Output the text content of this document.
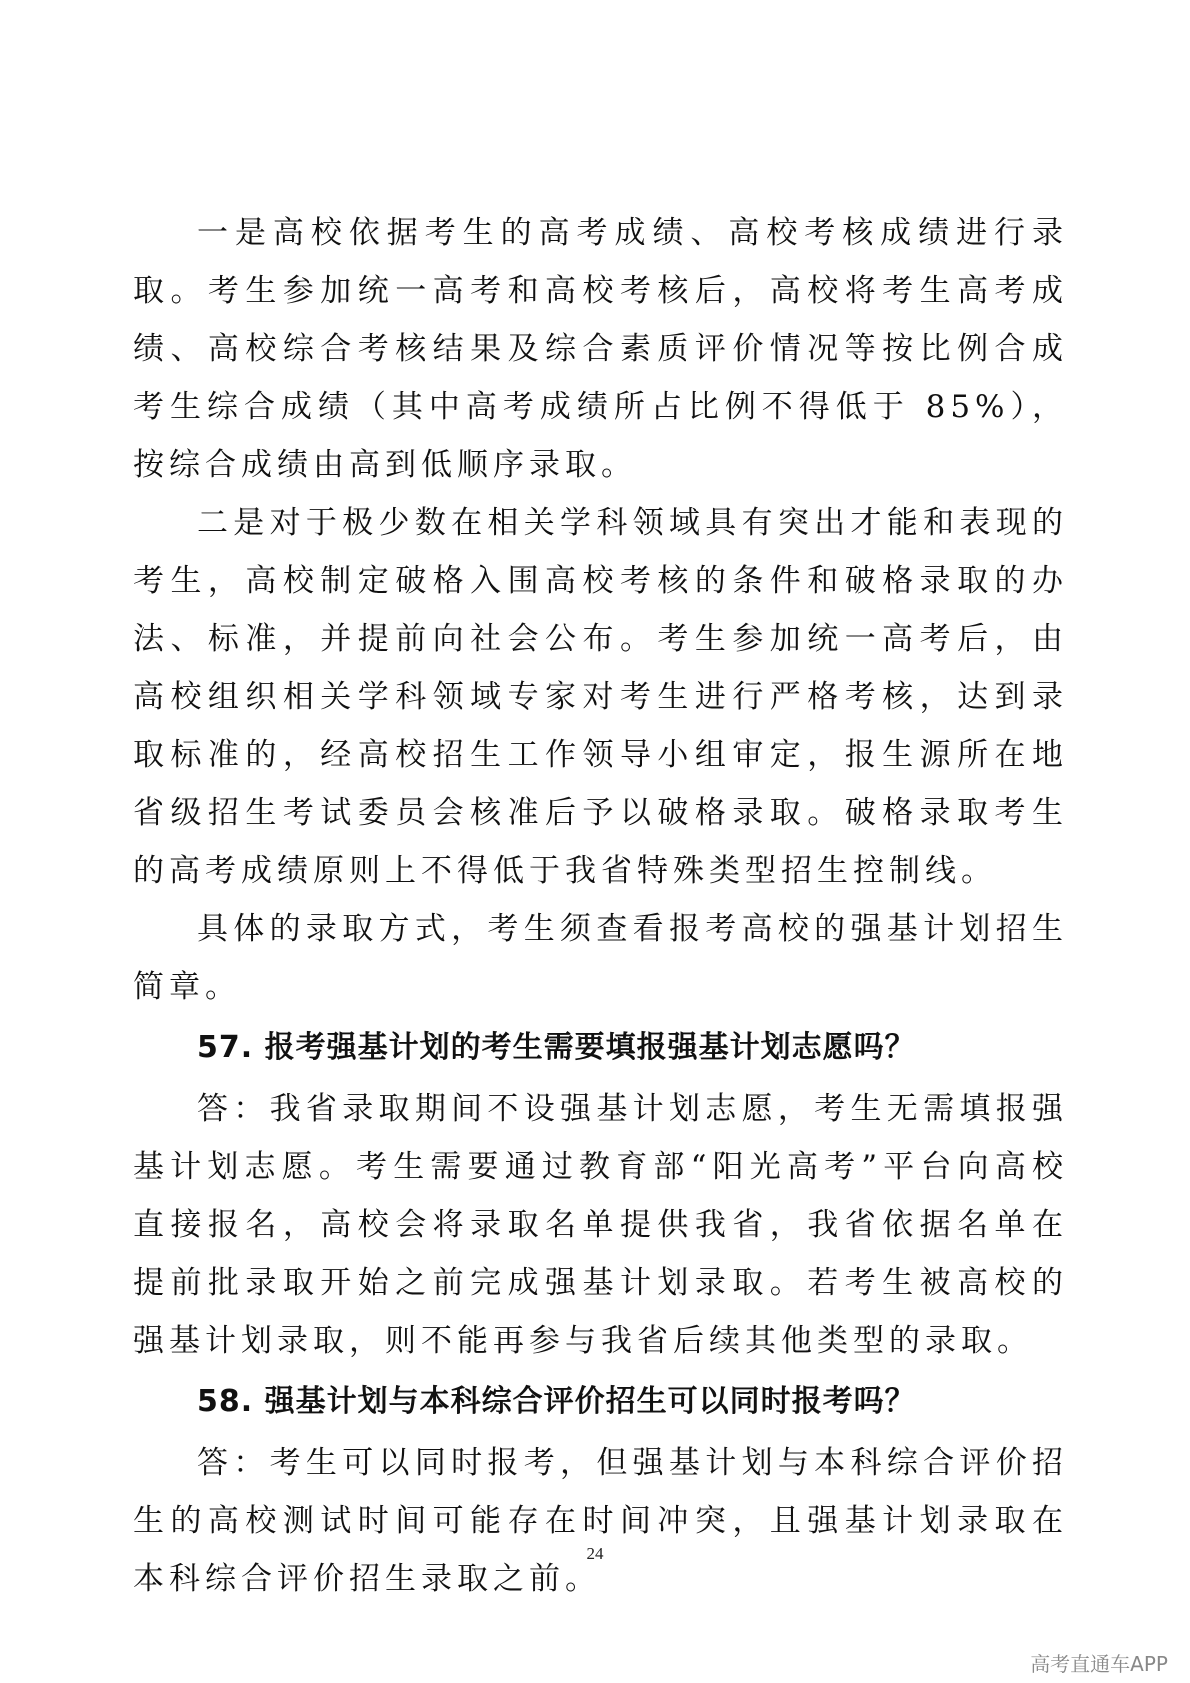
一是高校依据考生的高考成绩、高校考核成绩进行录取。考生参加统一高考和高校考核后，高校将考生高考成绩、高校综合考核结果及综合素质评价情况等按比例合成考生综合成绩（其中高考成绩所占比例不得低于 85%），按综合成绩由高到低顺序录取。

二是对于极少数在相关学科领域具有突出才能和表现的考生，高校制定破格入围高校考核的条件和破格录取的办法、标准，并提前向社会公布。考生参加统一高考后，由高校组织相关学科领域专家对考生进行严格考核，达到录取标准的，经高校招生工作领导小组审定，报生源所在地省级招生考试委员会核准后予以破格录取。破格录取考生的高考成绩原则上不得低于我省特殊类型招生控制线。

具体的录取方式，考生须查看报考高校的强基计划招生简章。

57. 报考强基计划的考生需要填报强基计划志愿吗？

答：我省录取期间不设强基计划志愿，考生无需填报强基计划志愿。考生需要通过教育部“阳光高考”平台向高校直接报名，高校会将录取名单提供我省，我省依据名单在提前批录取开始之前完成强基计划录取。若考生被高校的强基计划录取，则不能再参与我省后续其他类型的录取。

58. 强基计划与本科综合评价招生可以同时报考吗？

答：考生可以同时报考，但强基计划与本科综合评价招生的高校测试时间可能存在时间冲突，且强基计划录取在本科综合评价招生录取之前。

24
高考直通车APP
